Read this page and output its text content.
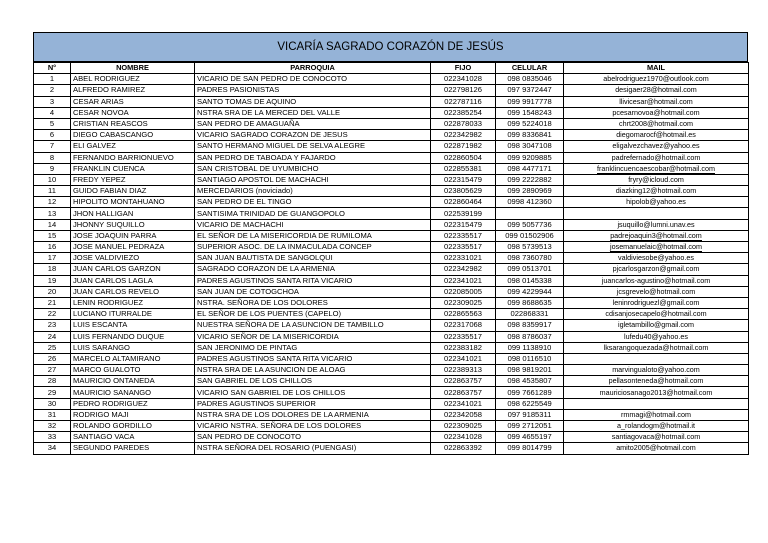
VICARÍA SAGRADO CORAZÓN DE JESÚS
N°	NOMBRE	PARROQUIA	FIJO	CELULAR	MAIL
1	ABEL RODRIGUEZ	VICARIO DE SAN PEDRO DE CONOCOTO	022341028	098 0835046	abelrodriguez1970@outlook.com
2	ALFREDO RAMIREZ	PADRES PASIONISTAS	022798126	097 9372447	desigaer28@hotmail.com
3	CESAR ARIAS	SANTO TOMAS DE AQUINO	022787116	099 9917778	llivicesar@hotmail.com
4	CESAR NOVOA	NSTRA SRA DE LA MERCED DEL VALLE	022385254	099 1548243	pcesarnovoa@hotmail.com
5	CRISTIAN REASCOS	SAN PEDRO DE AMAGUAÑA	022878033	099 5224018	chrt2008@hotmail.com
6	DIEGO CABASCANGO	VICARIO SAGRADO CORAZON DE JESUS	022342982	099 8336841	diegomarocf@hotmail.es
7	ELI GALVEZ	SANTO HERMANO MIGUEL DE SELVA ALEGRE	022871982	098 3047108	eligalvezchavez@yahoo.es
8	FERNANDO BARRIONUEVO	SAN PEDRO DE TABOADA Y FAJARDO	022860504	099 9209885	padrefernado@hotmail.com
9	FRANKLIN CUENCA	SAN CRISTOBAL DE UYUMBICHO	022855381	098 4477171	franklincuencaescobar@hotmail.com
10	FREDY YEPEZ	SANTIAGO APOSTOL DE MACHACHI	022315479	099 2222882	fryry@icloud.com
11	GUIDO FABIAN DIAZ	MERCEDARIOS (noviciado)	023805629	099 2890969	diazking12@hotmail.com
12	HIPOLITO MONTAHUANO	SAN PEDRO DE EL TINGO	022860464	0998 412360	hipolob@yahoo.es
13	JHON HALLIGAN	SANTISIMA TRINIDAD DE GUANGOPOLO	022539199		
14	JHONNY SUQUILLO	VICARIO DE MACHACHI	022315479	099 5057736	jsuquillo@lumni.unav.es
15	JOSE JOAQUIN PARRA	EL SEÑOR DE LA MISERICORDIA DE RUMILOMA	022335517	099 01502906	padrejoaquin3@hotmail.com
16	JOSE MANUEL PEDRAZA	SUPERIOR ASOC. DE LA INMACULADA CONCEP	022335517	098 5739513	josemanuelaic@hotmail.com
17	JOSE VALDIVIEZO	SAN JUAN BAUTISTA DE SANGOLQUI	022331021	098 7360780	valdiviesobe@yahoo.es
18	JUAN CARLOS GARZON	SAGRADO CORAZON DE LA ARMENIA	022342982	099 0513701	pjcarlosgarzon@gmail.com
19	JUAN CARLOS LAGLA	PADRES AGUSTINOS SANTA RITA VICARIO	022341021	098 0145338	juancarlos-agustino@hotmail.com
20	JUAN CARLOS REVELO	SAN JUAN DE COTOGCHOA	022085005	099 4229944	jcsgrevelo@hotmail.com
21	LENIN RODRIGUEZ	NSTRA. SEÑORA DE LOS DOLORES	022309025	099 8688635	leninrodriguezl@gmail.com
22	LUCIANO ITURRALDE	EL SEÑOR DE LOS PUENTES (CAPELO)	022865563	022868331	cdisanjosecapelo@hotmail.com
23	LUIS ESCANTA	NUESTRA SEÑORA DE LA ASUNCION DE TAMBILLO	022317068	098 8359917	igletambillo@gmail.com
24	LUIS FERNANDO DUQUE	VICARIO SEÑOR DE LA MISERICORDIA	022335517	098 8786037	lufedu40@yahoo.es
25	LUIS SARANGO	SAN JERONIMO DE PINTAG	022383182	099 1138910	lksarangoquezada@hotmail.com
26	MARCELO ALTAMIRANO	PADRES AGUSTINOS SANTA RITA VICARIO	022341021	098 0116510	
27	MARCO GUALOTO	NSTRA SRA DE LA ASUNCION DE ALOAG	022389313	098 9819201	marvingualoto@yahoo.com
28	MAURICIO ONTANEDA	SAN GABRIEL DE LOS CHILLOS	022863757	098 4535807	pellasonteneda@hotmail.com
29	MAURICIO SANANGO	VICARIO SAN GABRIEL DE LOS CHILLOS	022863757	099 7661289	mauriciosanago2013@hotmail.com
30	PEDRO RODRIGUEZ	PADRES AGUSTINOS SUPERIOR	022341021	098 6225549	
31	RODRIGO MAJI	NSTRA SRA DE LOS DOLORES DE LA ARMENIA	022342058	097 9185311	rmmagi@hotmail.com
32	ROLANDO GORDILLO	VICARIO NSTRA. SEÑORA DE LOS DOLORES	022309025	099 2712051	a_rolandogm@hotmail.it
33	SANTIAGO VACA	SAN PEDRO DE CONOCOTO	022341028	099 4655197	santiagovaca@hotmail.com
34	SEGUNDO PAREDES	NSTRA SEÑORA DEL ROSARIO (PUENGASI)	022863392	099 8014799	amito2005@hotmail.com
